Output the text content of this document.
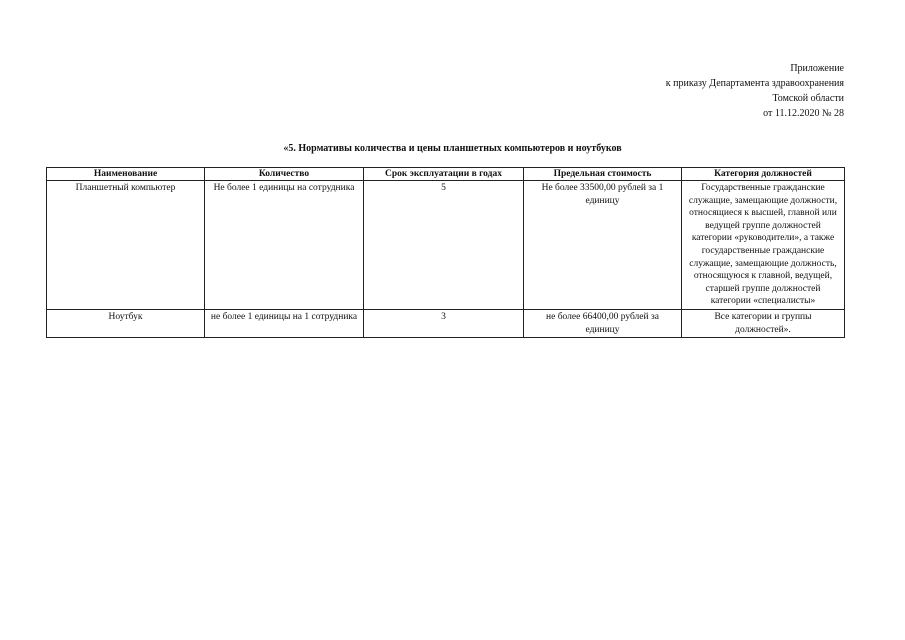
Приложение
к приказу Департамента здравоохранения
Томской области
от 11.12.2020 № 28
«5. Нормативы количества и цены планшетных компьютеров и ноутбуков
Наименование	Количество	Срок эксплуатации в годах	Предельная стоимость	Категория должностей
Планшетный компьютер	Не более 1 единицы на сотрудника	5	Не более 33500,00 рублей за 1 единицу	Государственные гражданские служащие, замещающие должности, относящиеся к высшей, главной или ведущей группе должностей категории «руководители», а также государственные гражданские служащие, замещающие должность, относящуюся к главной, ведущей, старшей группе должностей категории «специалисты»
Ноутбук	не более 1 единицы на 1 сотрудника	3	не более 66400,00 рублей за единицу	Все категории и группы должностей».
